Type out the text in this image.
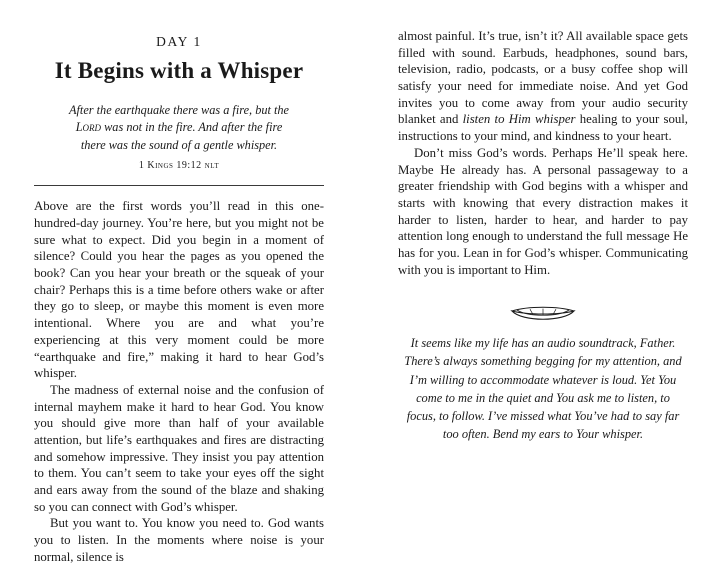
DAY 1
It Begins with a Whisper
After the earthquake there was a fire, but the
Lord was not in the fire. And after the fire
there was the sound of a gentle whisper.
1 Kings 19:12 nlt

Above are the first words you’ll read in this one-hundred-day journey. You’re here, but you might not be sure what to expect. Did you begin in a moment of silence? Could you hear the pages as you opened the book? Can you hear your breath or the squeak of your chair? Perhaps this is a time before others wake or after they go to sleep, or maybe this moment is even more intentional. Where you are and what you’re experiencing at this very moment could be more “earthquake and fire,” making it hard to hear God’s whisper.

The madness of external noise and the confusion of internal mayhem make it hard to hear God. You know you should give more than half of your available attention, but life’s earthquakes and fires are distracting and somehow impressive. They insist you pay attention to them. You can’t seem to take your eyes off the sight and ears away from the sound of the blaze and shaking so you can connect with God’s whisper.

But you want to. You know you need to. God wants you to listen. In the moments where noise is your normal, silence is

almost painful. It’s true, isn’t it? All available space gets filled with sound. Earbuds, headphones, sound bars, television, radio, podcasts, or a busy coffee shop will satisfy your need for immediate noise. And yet God invites you to come away from your audio security blanket and listen to Him whisper healing to your soul, instructions to your mind, and kindness to your heart.

Don’t miss God’s words. Perhaps He’ll speak here. Maybe He already has. A personal passageway to a greater friendship with God begins with a whisper and starts with knowing that every distraction makes it harder to listen, harder to hear, and harder to pay attention long enough to understand the full message He has for you. Lean in for God’s whisper. Communicating with you is important to Him.

It seems like my life has an audio soundtrack, Father. There’s always something begging for my attention, and I’m willing to accommodate whatever is loud. Yet You come to me in the quiet and You ask me to listen, to focus, to follow. I’ve missed what You’ve had to say far too often. Bend my ears to Your whisper.
